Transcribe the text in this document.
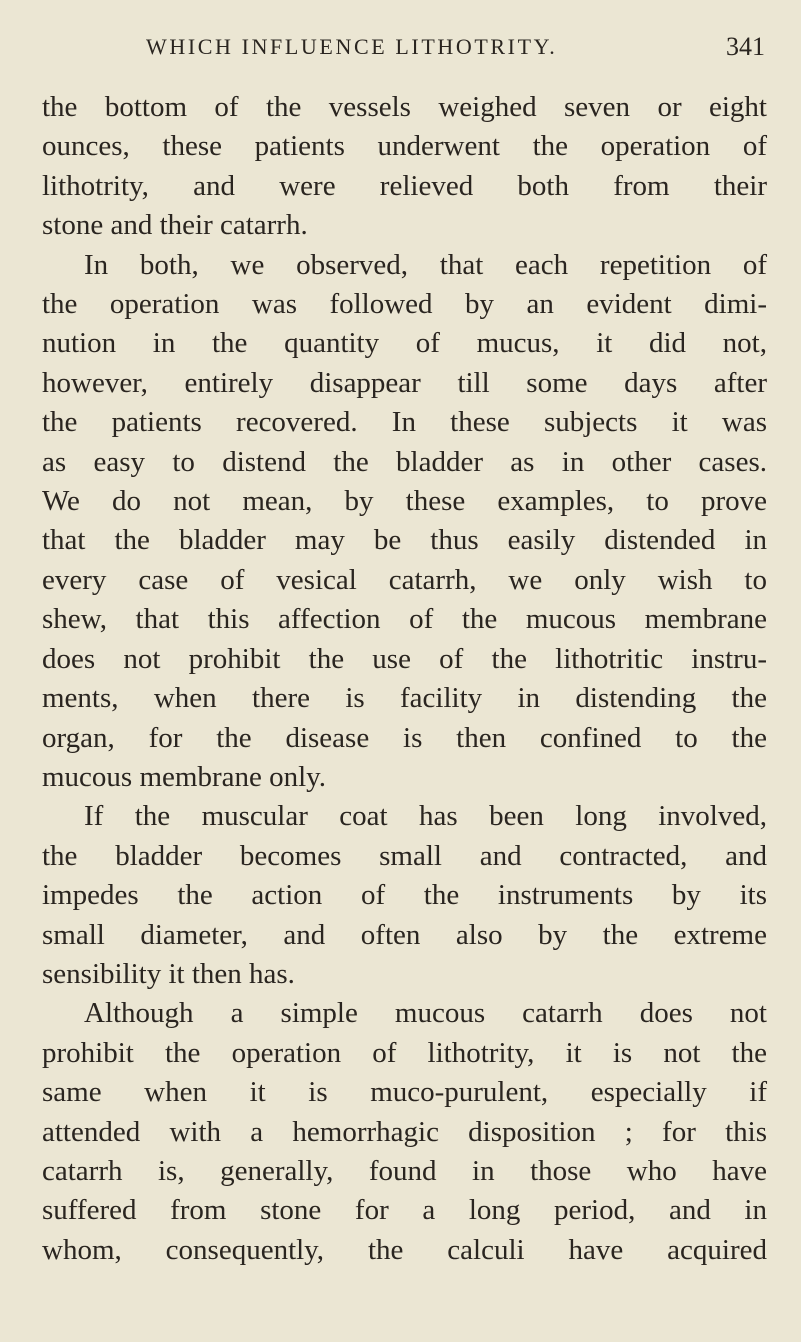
WHICH INFLUENCE LITHOTRITY.	341

the bottom of the vessels weighed seven or eight
ounces, these patients underwent the operation of
lithotrity, and were relieved both from their
stone and their catarrh.

In both, we observed, that each repetition of
the operation was followed by an evident dimi-
nution in the quantity of mucus, it did not,
however, entirely disappear till some days after
the patients recovered. In these subjects it was
as easy to distend the bladder as in other cases.
We do not mean, by these examples, to prove
that the bladder may be thus easily distended in
every case of vesical catarrh, we only wish to
shew, that this affection of the mucous membrane
does not prohibit the use of the lithotritic instru-
ments, when there is facility in distending the
organ, for the disease is then confined to the
mucous membrane only.

If the muscular coat has been long involved,
the bladder becomes small and contracted, and
impedes the action of the instruments by its
small diameter, and often also by the extreme
sensibility it then has.

Although a simple mucous catarrh does not
prohibit the operation of lithotrity, it is not the
same when it is muco-purulent, especially if
attended with a hemorrhagic disposition ; for this
catarrh is, generally, found in those who have
suffered from stone for a long period, and in
whom, consequently, the calculi have acquired
